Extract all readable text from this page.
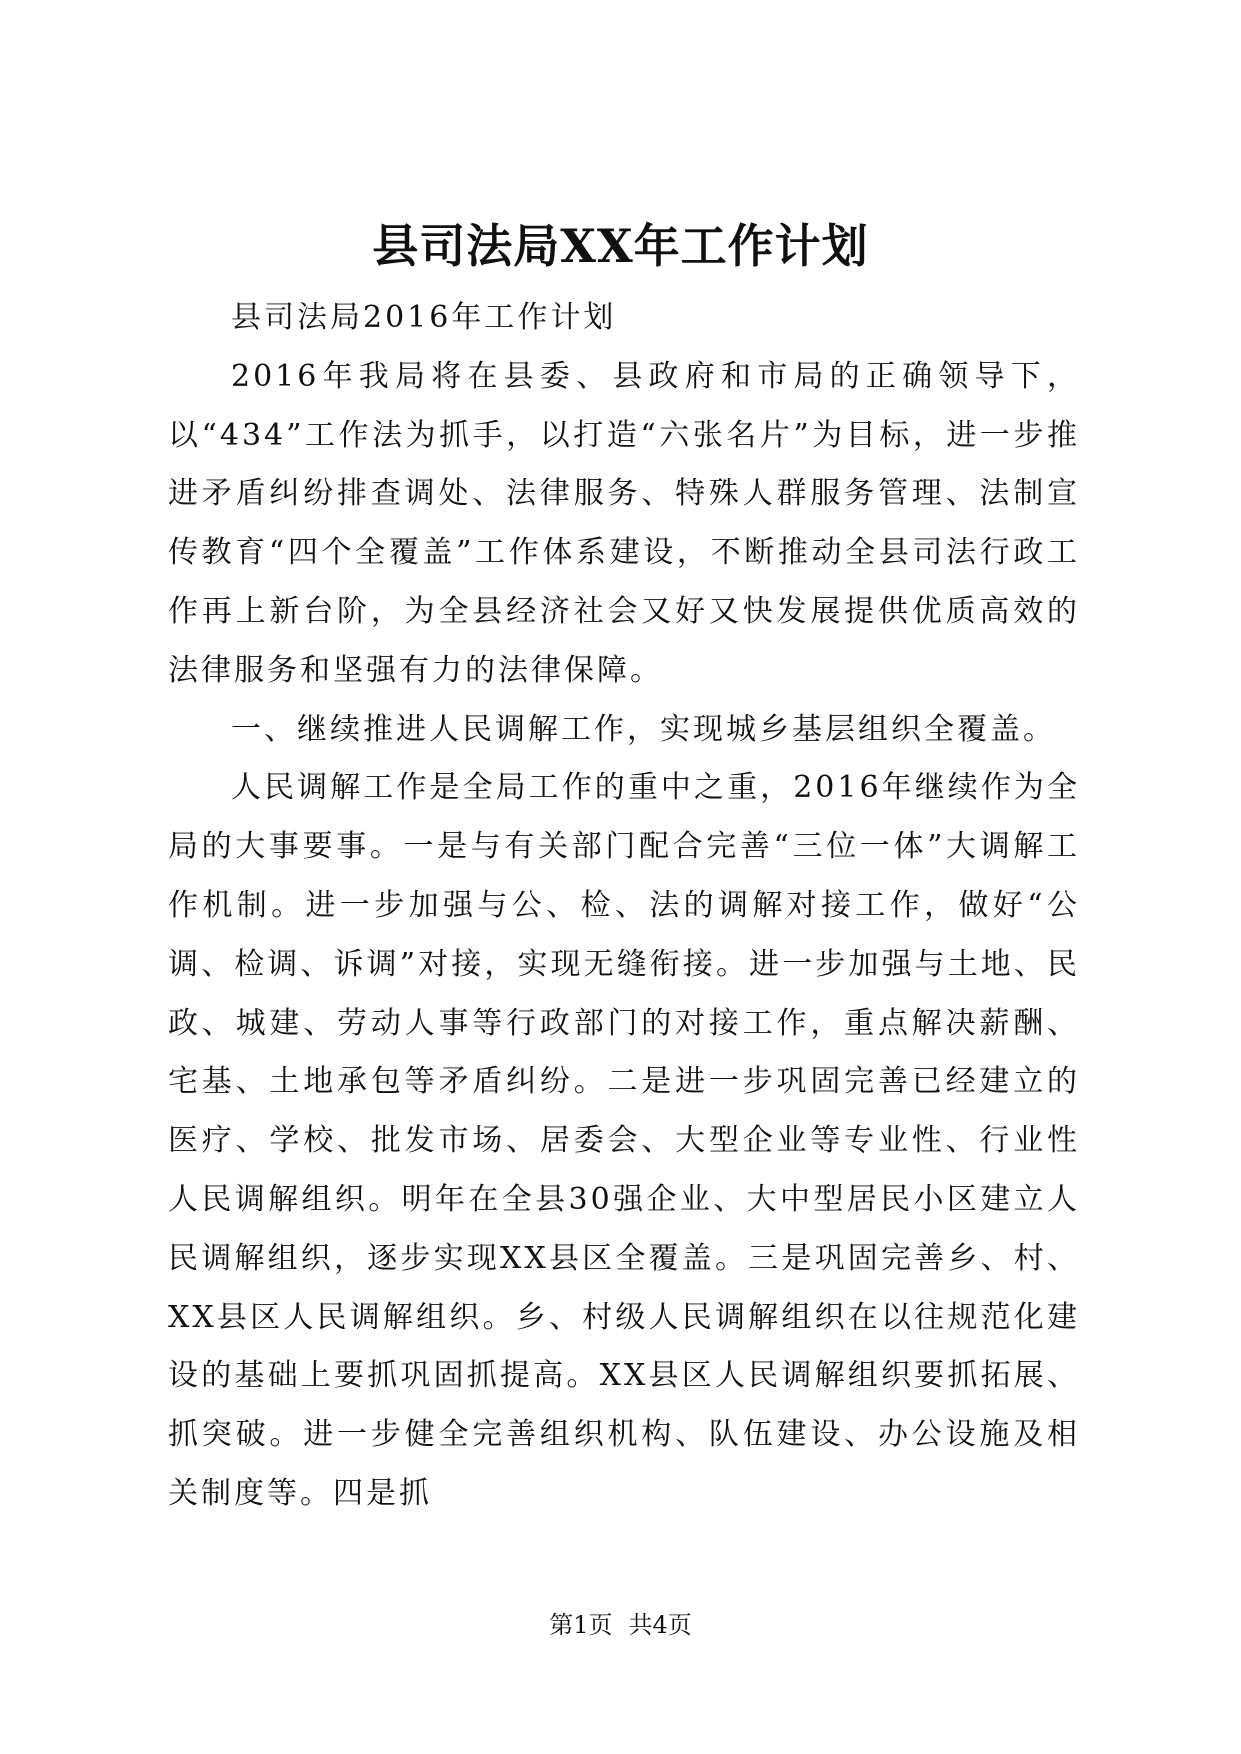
县司法局XX年工作计划

县司法局2016年工作计划

2016年我局将在县委、县政府和市局的正确领导下，以“434”工作法为抓手，以打造“六张名片”为目标，进一步推进矛盾纠纷排查调处、法律服务、特殊人群服务管理、法制宣传教育“四个全覆盖”工作体系建设，不断推动全县司法行政工作再上新台阶，为全县经济社会又好又快发展提供优质高效的法律服务和坚强有力的法律保障。

一、继续推进人民调解工作，实现城乡基层组织全覆盖。

人民调解工作是全局工作的重中之重，2016年继续作为全局的大事要事。一是与有关部门配合完善“三位一体”大调解工作机制。进一步加强与公、检、法的调解对接工作，做好“公调、检调、诉调”对接，实现无缝衔接。进一步加强与土地、民政、城建、劳动人事等行政部门的对接工作，重点解决薪酬、宅基、土地承包等矛盾纠纷。二是进一步巩固完善已经建立的医疗、学校、批发市场、居委会、大型企业等专业性、行业性人民调解组织。明年在全县30强企业、大中型居民小区建立人民调解组织，逐步实现XX县区全覆盖。三是巩固完善乡、村、XX县区人民调解组织。乡、村级人民调解组织在以往规范化建设的基础上要抓巩固抓提高。XX县区人民调解组织要抓拓展、抓突破。进一步健全完善组织机构、队伍建设、办公设施及相关制度等。四是抓

第1页 共4页
